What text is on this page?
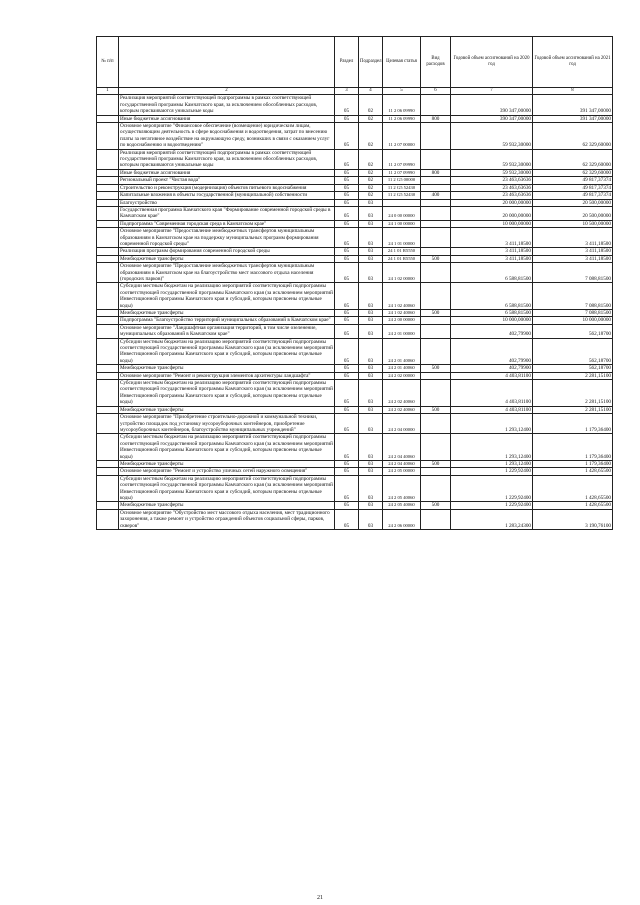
№ п/п		Раздел	Подраздел	Целевая статья	Вид расходов	Годовой объем ассигнований на 2020 год	Годовой объем ассигнований на 2021 год
1	2	3	4	5	6	7	8
	Реализация мероприятий соответствующей подпрограммы в рамках соответствующей государственной программы Камчатского края, за исключением обособленных расходов, которым присваиваются уникальные коды	05	02	11 2 06 09990		390 347,00000	391 347,00000
	Иные бюджетные ассигнования	05	02	11 2 06 09990	800	390 347,00000	391 347,00000
	Основное мероприятие "Финансовое обеспечение (возмещение) юридическим лицам, осуществляющим деятельность в сфере водоснабжения и водоотведения, затрат по внесению платы за негативное воздействие на окружающую среду, возникших в связи с оказанием услуг по водоснабжению и водоотведению"	05	02	11 2 07 00000		59 932,30000	62 329,60000
	Реализация мероприятий соответствующей подпрограммы в рамках соответствующей государственной программы Камчатского края, за исключением обособленных расходов, которым присваиваются уникальные коды	05	02	11 2 07 09990		59 932,30000	62 329,60000
	Иные бюджетные ассигнования	05	02	11 2 07 09990	800	59 932,30000	62 329,60000
	Региональный проект "Чистая вода"	05	02	11 2 G5 00000		23 463,63636	49 817,37374
	Строительство и реконструкция (модернизация) объектов питьевого водоснабжения	05	02	11 2 G5 52430		23 463,63636	49 817,37374
	Капитальные вложения в объекты государственной (муниципальной) собственности	05	02	11 2 G5 52430	400	23 463,63636	49 817,37374
	Благоустройство	05	03			20 000,00000	20 500,00000
	Государственная программа Камчатского края "Формирование современной городской среды в Камчатском крае"	05	03	24 0 00 00000		20 000,00000	20 500,00000
	Подпрограмма "Современная городская среда в Камчатском крае"	05	03	24 1 00 00000		10 000,00000	10 500,00000
	Основное мероприятие "Предоставление межбюджетных трансфертов муниципальным образованиям в Камчатском крае на поддержку муниципальных программ формирования современной городской среды"	05	03	24 1 01 00000		3 411,18500	3 411,18500
	Реализация программ формирования современной городской среды	05	03	24 1 01 R5550		3 411,18500	3 411,18500
	Межбюджетные трансферты	05	03	24 1 01 R5550	500	3 411,18500	3 411,18500
	Основное мероприятие "Предоставление межбюджетных трансфертов муниципальным образованиям в Камчатском крае на благоустройство мест массового отдыха населения (городских парков)"	05	03	24 1 02 00000		6 588,81500	7 088,81500
	Субсидии местным бюджетам на реализацию мероприятий соответствующей подпрограммы соответствующей государственной программы Камчатского края (за исключением мероприятий Инвестиционной программы Камчатского края и субсидий, которым присвоены отдельные коды)	05	03	24 1 02 40060		6 588,81500	7 088,81500
	Межбюджетные трансферты	05	03	24 1 02 40060	500	6 588,81500	7 088,81500
	Подпрограмма "Благоустройство территорий муниципальных образований в Камчатском крае"	05	03	24 2 00 00000		10 000,00000	10 000,00000
	Основное мероприятие "Ландшафтная организация территорий, в том числе озеленение, муниципальных образований в Камчатском крае"	05	03	24 2 01 00000		402,79900	562,18700
	Субсидии местным бюджетам на реализацию мероприятий соответствующей подпрограммы соответствующей государственной программы Камчатского края (за исключением мероприятий Инвестиционной программы Камчатского края и субсидий, которым присвоены отдельные коды)	05	03	24 2 01 40060		402,79900	562,18700
	Межбюджетные трансферты	05	03	24 2 01 40060	500	402,79900	562,18700
	Основное мероприятие "Ремонт и реконструкция элементов архитектуры ландшафта"	05	03	24 2 02 00000		4 403,81100	2 281,15100
	Субсидии местным бюджетам на реализацию мероприятий соответствующей подпрограммы соответствующей государственной программы Камчатского края (за исключением мероприятий Инвестиционной программы Камчатского края и субсидий, которым присвоены отдельные коды)	05	03	24 2 02 40060		4 403,81100	2 281,15100
	Межбюджетные трансферты	05	03	24 2 02 40060	500	4 403,81100	2 281,15100
	Основное мероприятие "Приобретение строительно-дорожной и коммунальной техники, устройство площадок под установку мусороуборочных контейнеров, приобретение мусороуборочных контейнеров, благоустройство муниципальных учреждений"	05	03	24 2 04 00000		1 293,12400	1 179,36400
	Субсидии местным бюджетам на реализацию мероприятий соответствующей подпрограммы соответствующей государственной программы Камчатского края (за исключением мероприятий Инвестиционной программы Камчатского края и субсидий, которым присвоены отдельные коды)	05	03	24 2 04 40060		1 293,12400	1 179,36400
	Межбюджетные трансферты	05	03	24 2 04 40060	500	1 293,12400	1 179,36400
	Основное мероприятие "Ремонт и устройство уличных сетей наружного освещения"	05	03	24 2 05 00000		1 229,92400	1 428,65500
	Субсидии местным бюджетам на реализацию мероприятий соответствующей подпрограммы соответствующей государственной программы Камчатского края (за исключением мероприятий Инвестиционной программы Камчатского края и субсидий, которым присвоены отдельные коды)	05	03	24 2 05 40060		1 229,92400	1 428,65500
	Межбюджетные трансферты	05	03	24 2 05 40060	500	1 229,92400	1 428,65500
	Основное мероприятие "Обустройство мест массового отдыха населения, мест традиционного захоронения, а также ремонт и устройство ограждений объектов социальной сферы, парков, скверов"	05	03	24 2 06 00000		1 283,24300	3 190,76100
21
